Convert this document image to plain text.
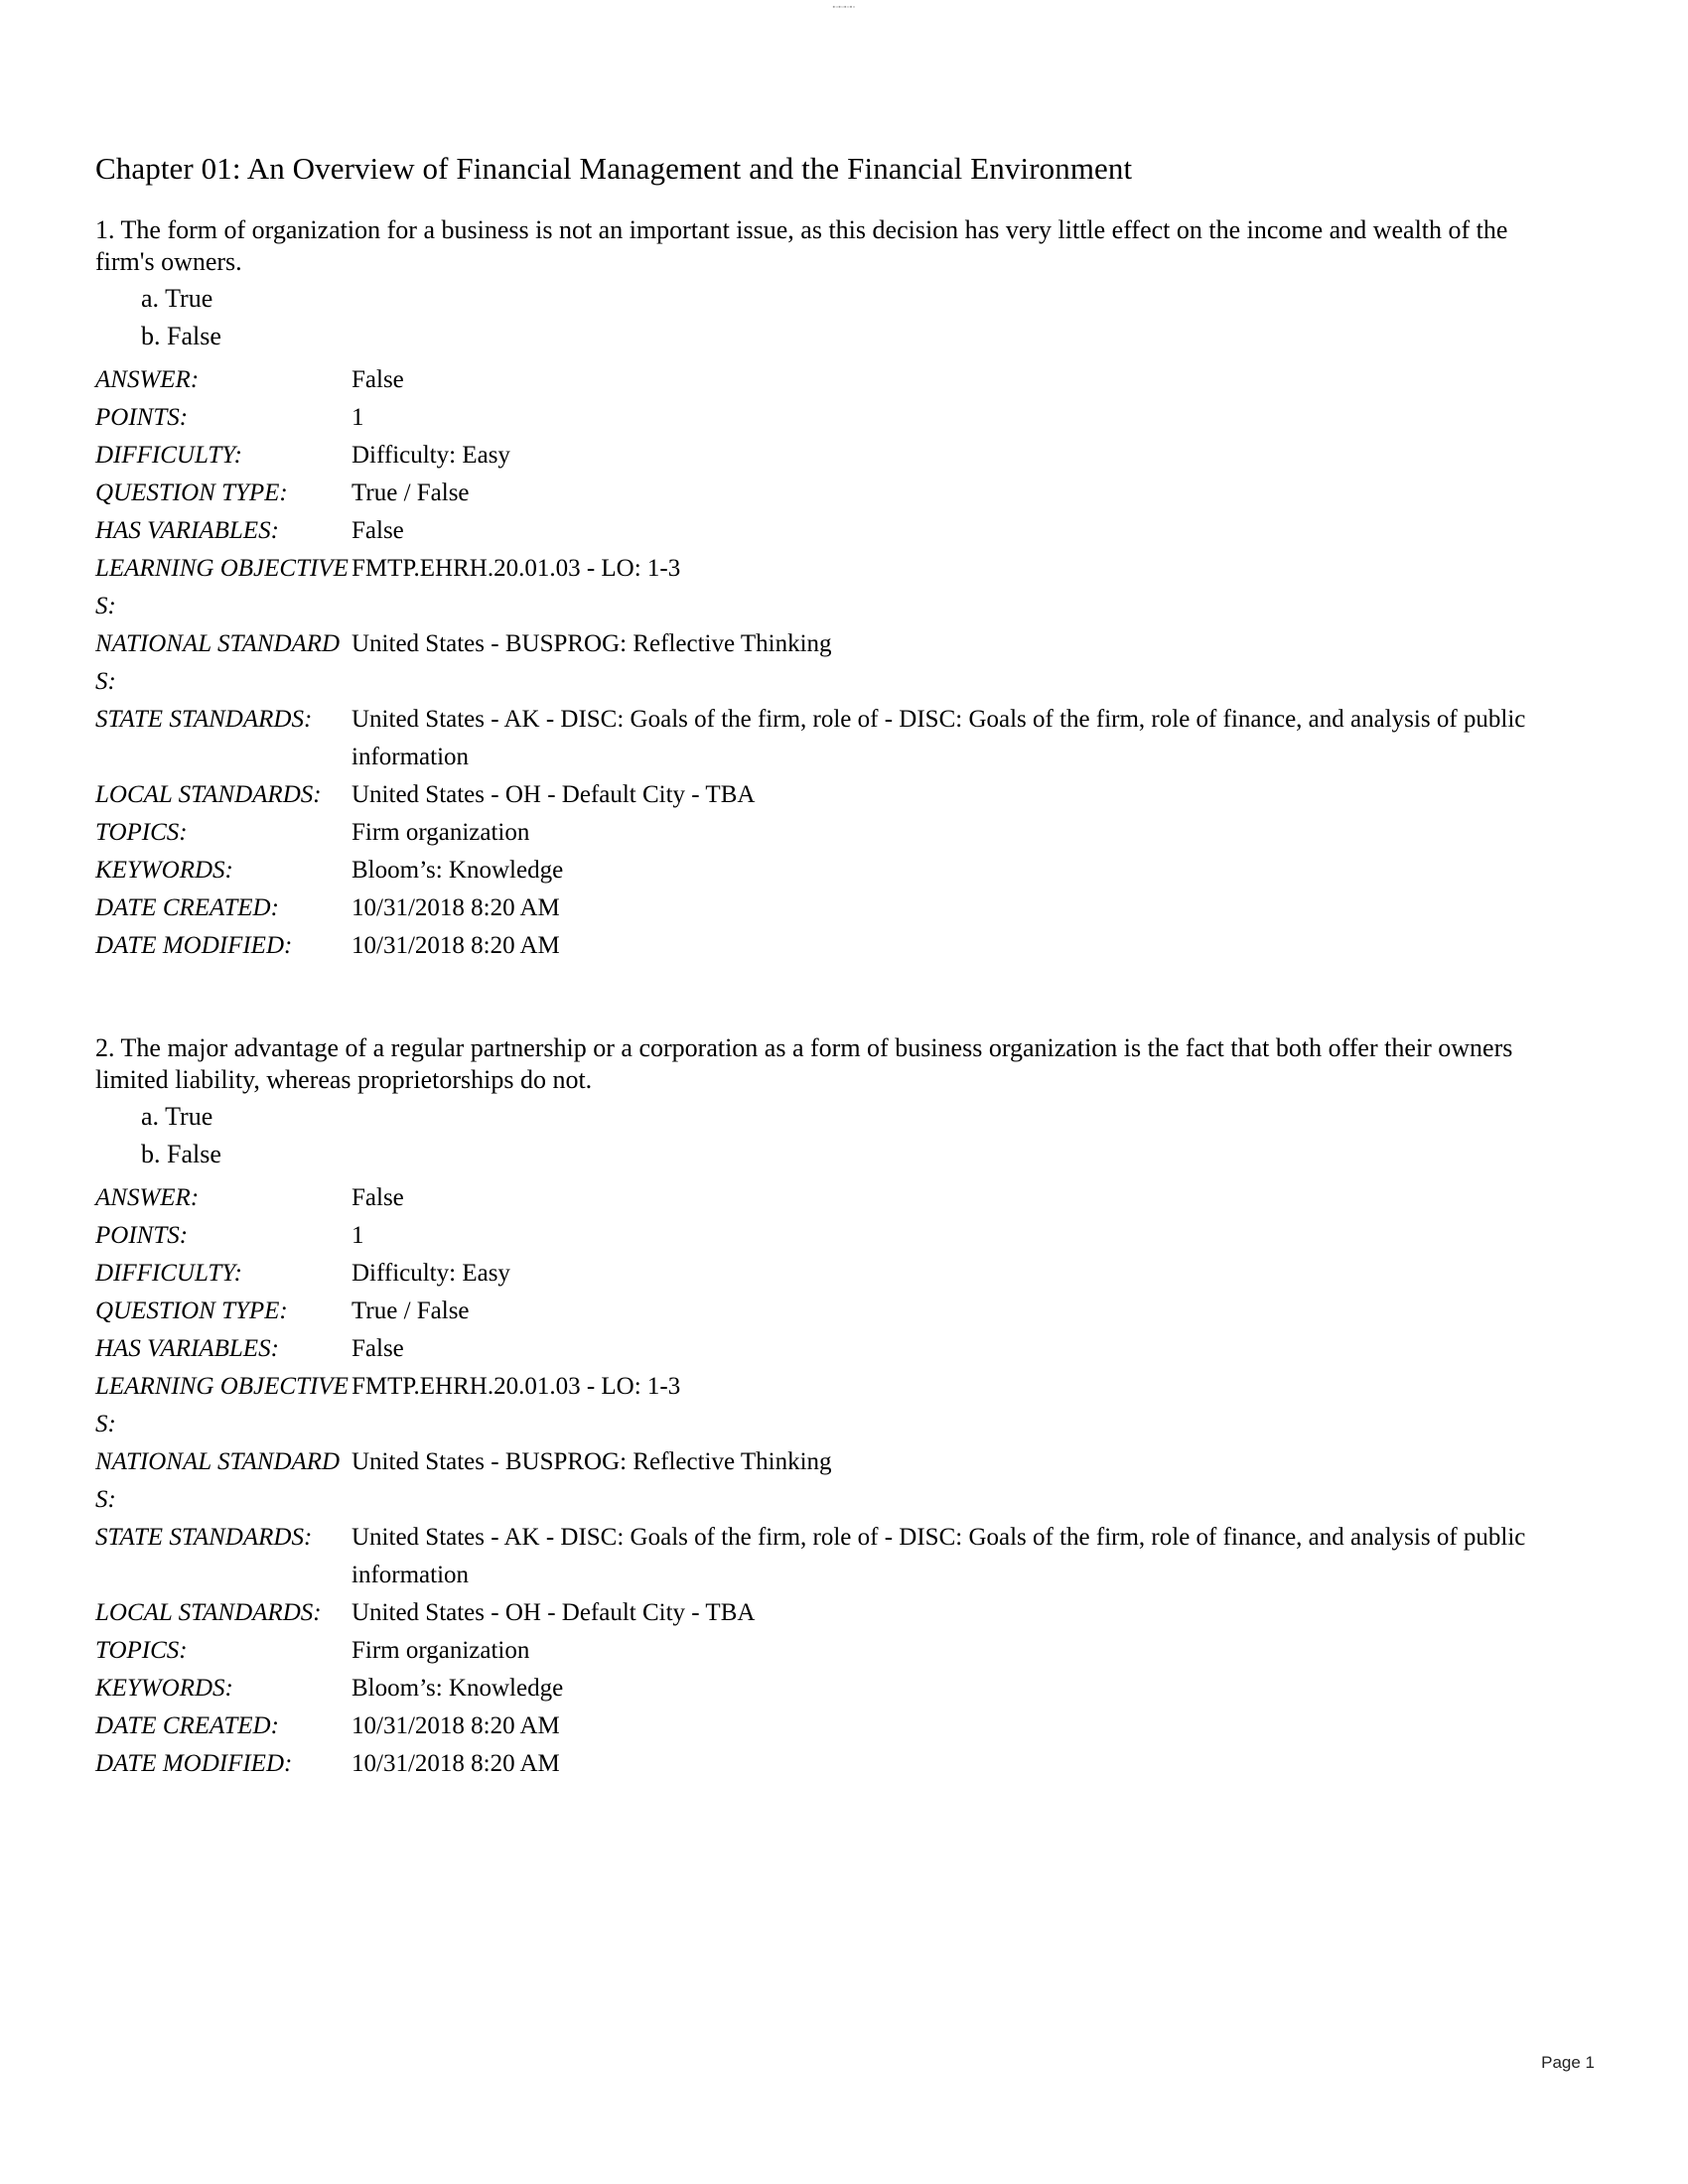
▪▫▪▫▪▫▪▫
Chapter 01: An Overview of Financial Management and the Financial Environment

1. The form of organization for a business is not an important issue, as this decision has very little effect on the income and wealth of the firm's owners.

a. True
b. False
ANSWER:	False
POINTS:	1
DIFFICULTY:	Difficulty: Easy
QUESTION TYPE:	True / False
HAS VARIABLES:	False
LEARNING OBJECTIVES:	FMTP.EHRH.20.01.03 - LO: 1-3
NATIONAL STANDARDS:	United States - BUSPROG: Reflective Thinking
STATE STANDARDS:	United States - AK - DISC: Goals of the firm, role of - DISC: Goals of the firm, role of finance, and analysis of public information
LOCAL STANDARDS:	United States - OH - Default City - TBA
TOPICS:	Firm organization
KEYWORDS:	Bloom’s: Knowledge
DATE CREATED:	10/31/2018 8:20 AM
DATE MODIFIED:	10/31/2018 8:20 AM

2. The major advantage of a regular partnership or a corporation as a form of business organization is the fact that both offer their owners limited liability, whereas proprietorships do not.

a. True
b. False
ANSWER:	False
POINTS:	1
DIFFICULTY:	Difficulty: Easy
QUESTION TYPE:	True / False
HAS VARIABLES:	False
LEARNING OBJECTIVES:	FMTP.EHRH.20.01.03 - LO: 1-3
NATIONAL STANDARDS:	United States - BUSPROG: Reflective Thinking
STATE STANDARDS:	United States - AK - DISC: Goals of the firm, role of - DISC: Goals of the firm, role of finance, and analysis of public information
LOCAL STANDARDS:	United States - OH - Default City - TBA
TOPICS:	Firm organization
KEYWORDS:	Bloom’s: Knowledge
DATE CREATED:	10/31/2018 8:20 AM
DATE MODIFIED:	10/31/2018 8:20 AM
Page 1
